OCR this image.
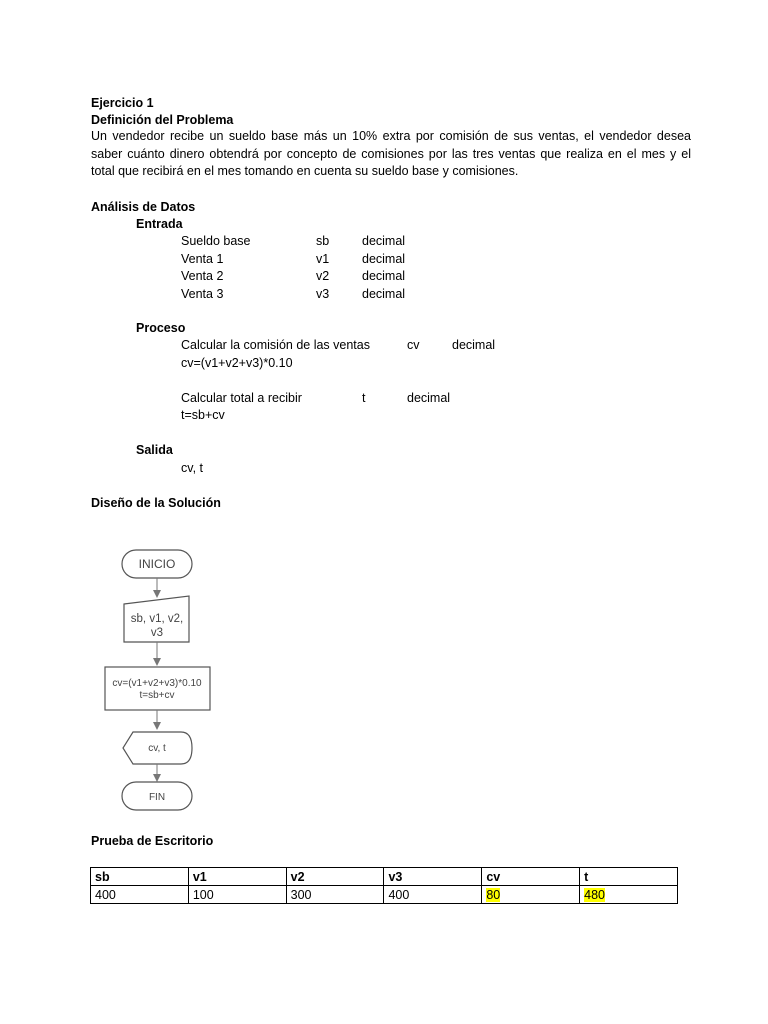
Ejercicio 1
Definición del Problema
Un vendedor recibe un sueldo base más un 10% extra por comisión de sus ventas, el vendedor desea saber cuánto dinero obtendrá por concepto de comisiones por las tres ventas que realiza en el mes y el total que recibirá en el mes tomando en cuenta su sueldo base y comisiones.
Análisis de Datos
Entrada
Sueldo base	sb	decimal
Venta 1	v1	decimal
Venta 2	v2	decimal
Venta 3	v3	decimal
Proceso
Calcular la comisión de las ventas	cv	decimal
cv=(v1+v2+v3)*0.10
Calcular total a recibir	t	decimal
t=sb+cv
Salida
cv, t
Diseño de la Solución
INICIO
sb, v1, v2,
v3
cv=(v1+v2+v3)*0.10
t=sb+cv
cv, t
FIN
Prueba de Escritorio
sb	v1	v2	v3	cv	t
400	100	300	400	80	480
